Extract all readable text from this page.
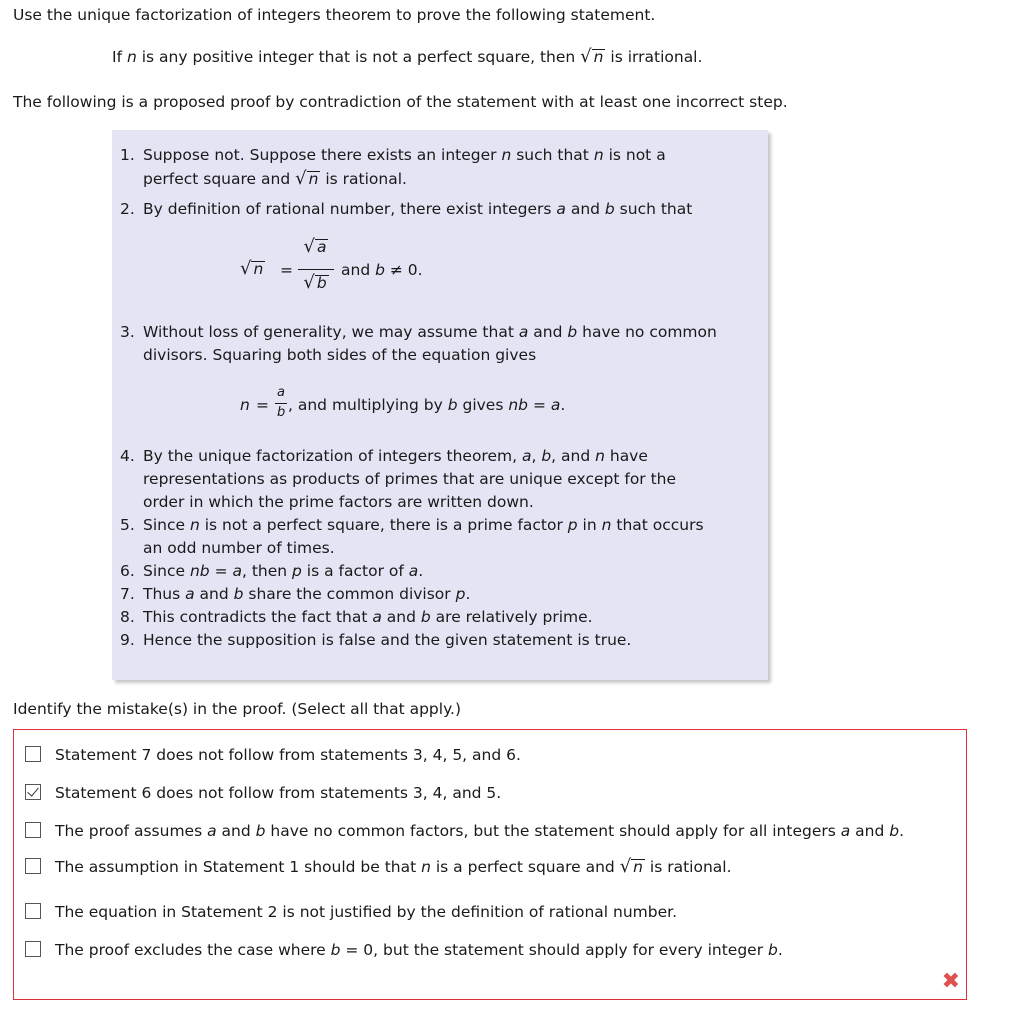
Use the unique factorization of integers theorem to prove the following statement.
If n is any positive integer that is not a perfect square, then √ n is irrational.
The following is a proposed proof by contradiction of the statement with at least one incorrect step.
1. Suppose not. Suppose there exists an integer n such that n is not a
perfect square and √ n is rational.
2. By definition of rational number, there exist integers a and b such that
√ n =
√ a
√ b
and b ≠ 0.
3. Without loss of generality, we may assume that a and b have no common
divisors. Squaring both sides of the equation gives
n =
a
b , and multiplying by b gives nb = a.
4. By the unique factorization of integers theorem, a, b, and n have
representations as products of primes that are unique except for the
order in which the prime factors are written down.
5. Since n is not a perfect square, there is a prime factor p in n that occurs
an odd number of times.
6. Since nb = a, then p is a factor of a.
7. Thus a and b share the common divisor p.
8. This contradicts the fact that a and b are relatively prime.
9. Hence the supposition is false and the given statement is true.
Identify the mistake(s) in the proof. (Select all that apply.)
Statement 7 does not follow from statements 3, 4, 5, and 6.
Statement 6 does not follow from statements 3, 4, and 5.
The proof assumes a and b have no common factors, but the statement should apply for all integers a and b.
The assumption in Statement 1 should be that n is a perfect square and √ n is rational.
The equation in Statement 2 is not justified by the definition of rational number.
The proof excludes the case where b = 0, but the statement should apply for every integer b.
✖
